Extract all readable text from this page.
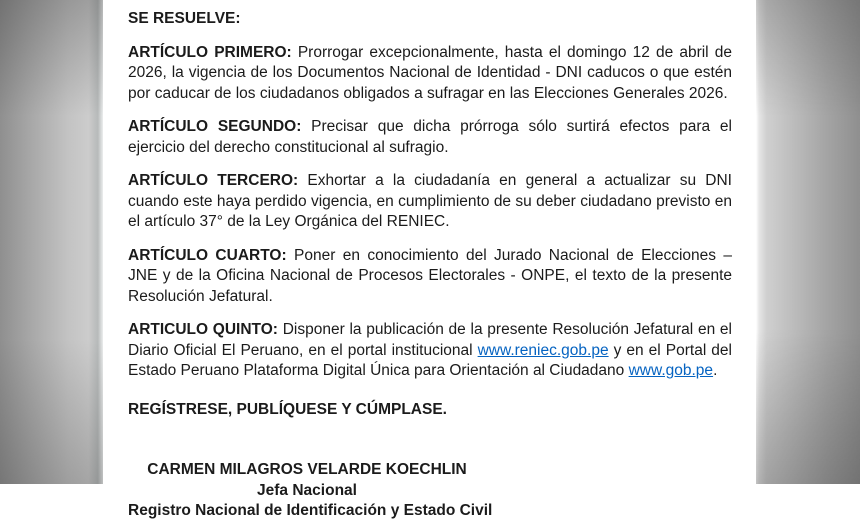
SE RESUELVE:

ARTÍCULO PRIMERO: Prorrogar excepcionalmente, hasta el domingo 12 de abril de 2026, la vigencia de los Documentos Nacional de Identidad - DNI caducos o que estén por caducar de los ciudadanos obligados a sufragar en las Elecciones Generales 2026.

ARTÍCULO SEGUNDO: Precisar que dicha prórroga sólo surtirá efectos para el ejercicio del derecho constitucional al sufragio.

ARTÍCULO TERCERO: Exhortar a la ciudadanía en general a actualizar su DNI cuando este haya perdido vigencia, en cumplimiento de su deber ciudadano previsto en el artículo 37° de la Ley Orgánica del RENIEC.

ARTÍCULO CUARTO: Poner en conocimiento del Jurado Nacional de Elecciones – JNE y de la Oficina Nacional de Procesos Electorales - ONPE, el texto de la presente Resolución Jefatural.

ARTICULO QUINTO: Disponer la publicación de la presente Resolución Jefatural en el Diario Oficial El Peruano, en el portal institucional www.reniec.gob.pe y en el Portal del Estado Peruano Plataforma Digital Única para Orientación al Ciudadano www.gob.pe.

REGÍSTRESE, PUBLÍQUESE Y CÚMPLASE.

CARMEN MILAGROS VELARDE KOECHLIN
Jefa Nacional
Registro Nacional de Identificación y Estado Civil
